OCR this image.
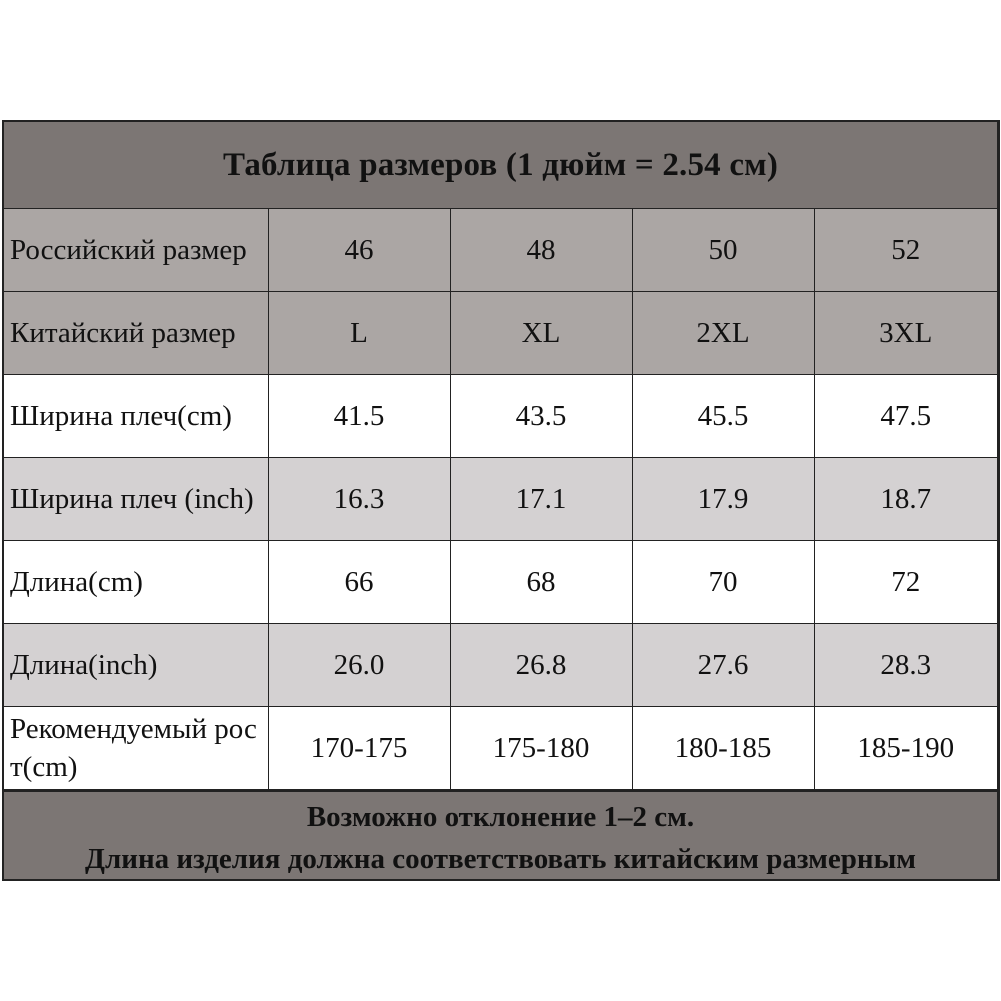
Таблица размеров (1 дюйм = 2.54 см)
Российский размер	46	48	50	52
Китайский размер	L	XL	2XL	3XL
Ширина плеч(cm)	41.5	43.5	45.5	47.5
Ширина плеч (inch)	16.3	17.1	17.9	18.7
Длина(cm)	66	68	70	72
Длина(inch)	26.0	26.8	27.6	28.3
Рекомендуемый рост(cm)	170-175	175-180	180-185	185-190
Возможно отклонение 1–2 см.
Длина изделия должна соответствовать китайским размерным
